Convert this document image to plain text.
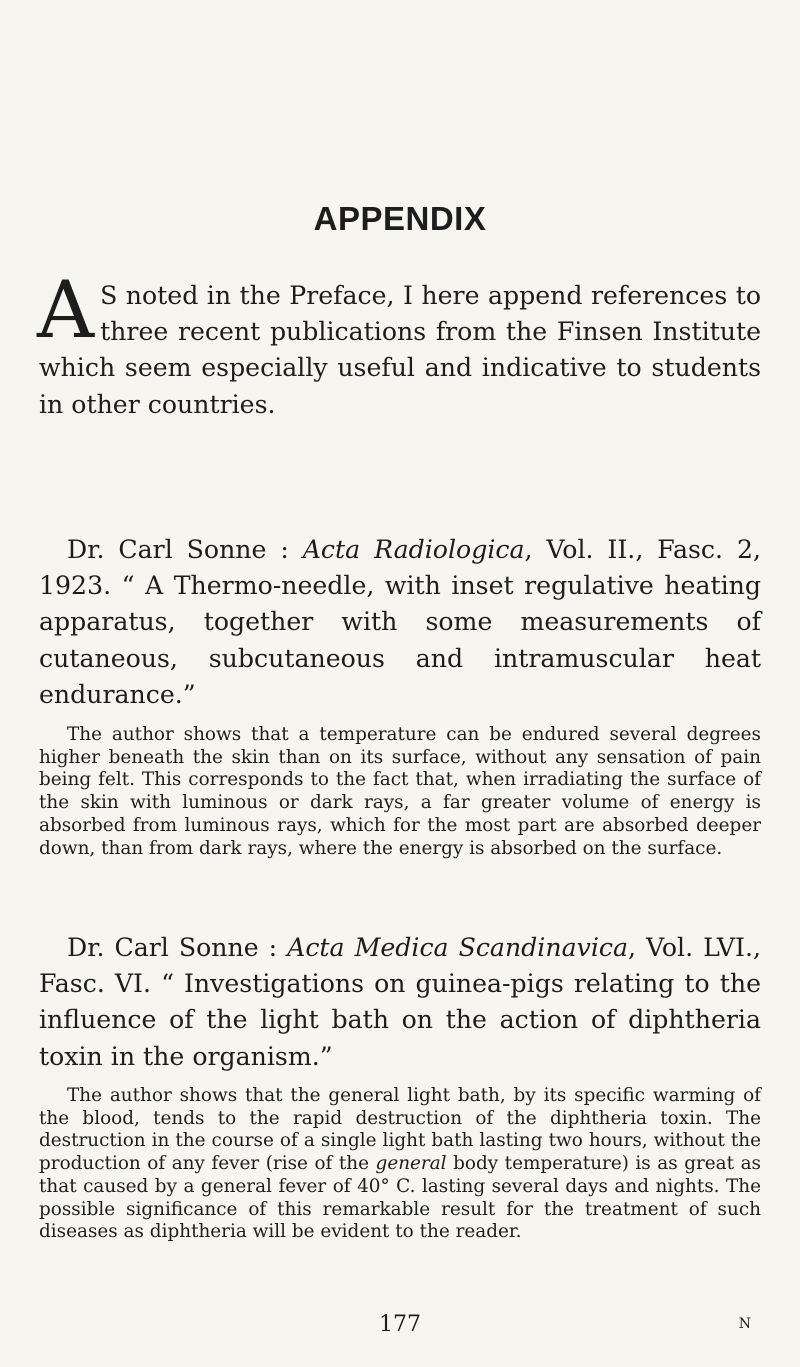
APPENDIX

A S noted in the Preface, I here append references to three recent publications from the Finsen Institute which seem especially useful and indicative to students in other countries.

Dr. Carl Sonne : Acta Radiologica, Vol. II., Fasc. 2, 1923. “ A Thermo-needle, with inset regulative heating apparatus, together with some measurements of cutaneous, subcutaneous and intramuscular heat endurance.”

The author shows that a temperature can be endured several degrees higher beneath the skin than on its surface, without any sensation of pain being felt. This corresponds to the fact that, when irradiating the surface of the skin with luminous or dark rays, a far greater volume of energy is absorbed from luminous rays, which for the most part are absorbed deeper down, than from dark rays, where the energy is absorbed on the surface.

Dr. Carl Sonne : Acta Medica Scandinavica, Vol. LVI., Fasc. VI. “ Investigations on guinea-pigs relating to the influence of the light bath on the action of diphtheria toxin in the organism.”

The author shows that the general light bath, by its specific warming of the blood, tends to the rapid destruction of the diphtheria toxin. The destruction in the course of a single light bath lasting two hours, without the production of any fever (rise of the general body temperature) is as great as that caused by a general fever of 40° C. lasting several days and nights. The possible significance of this remarkable result for the treatment of such diseases as diphtheria will be evident to the reader.

177	N
